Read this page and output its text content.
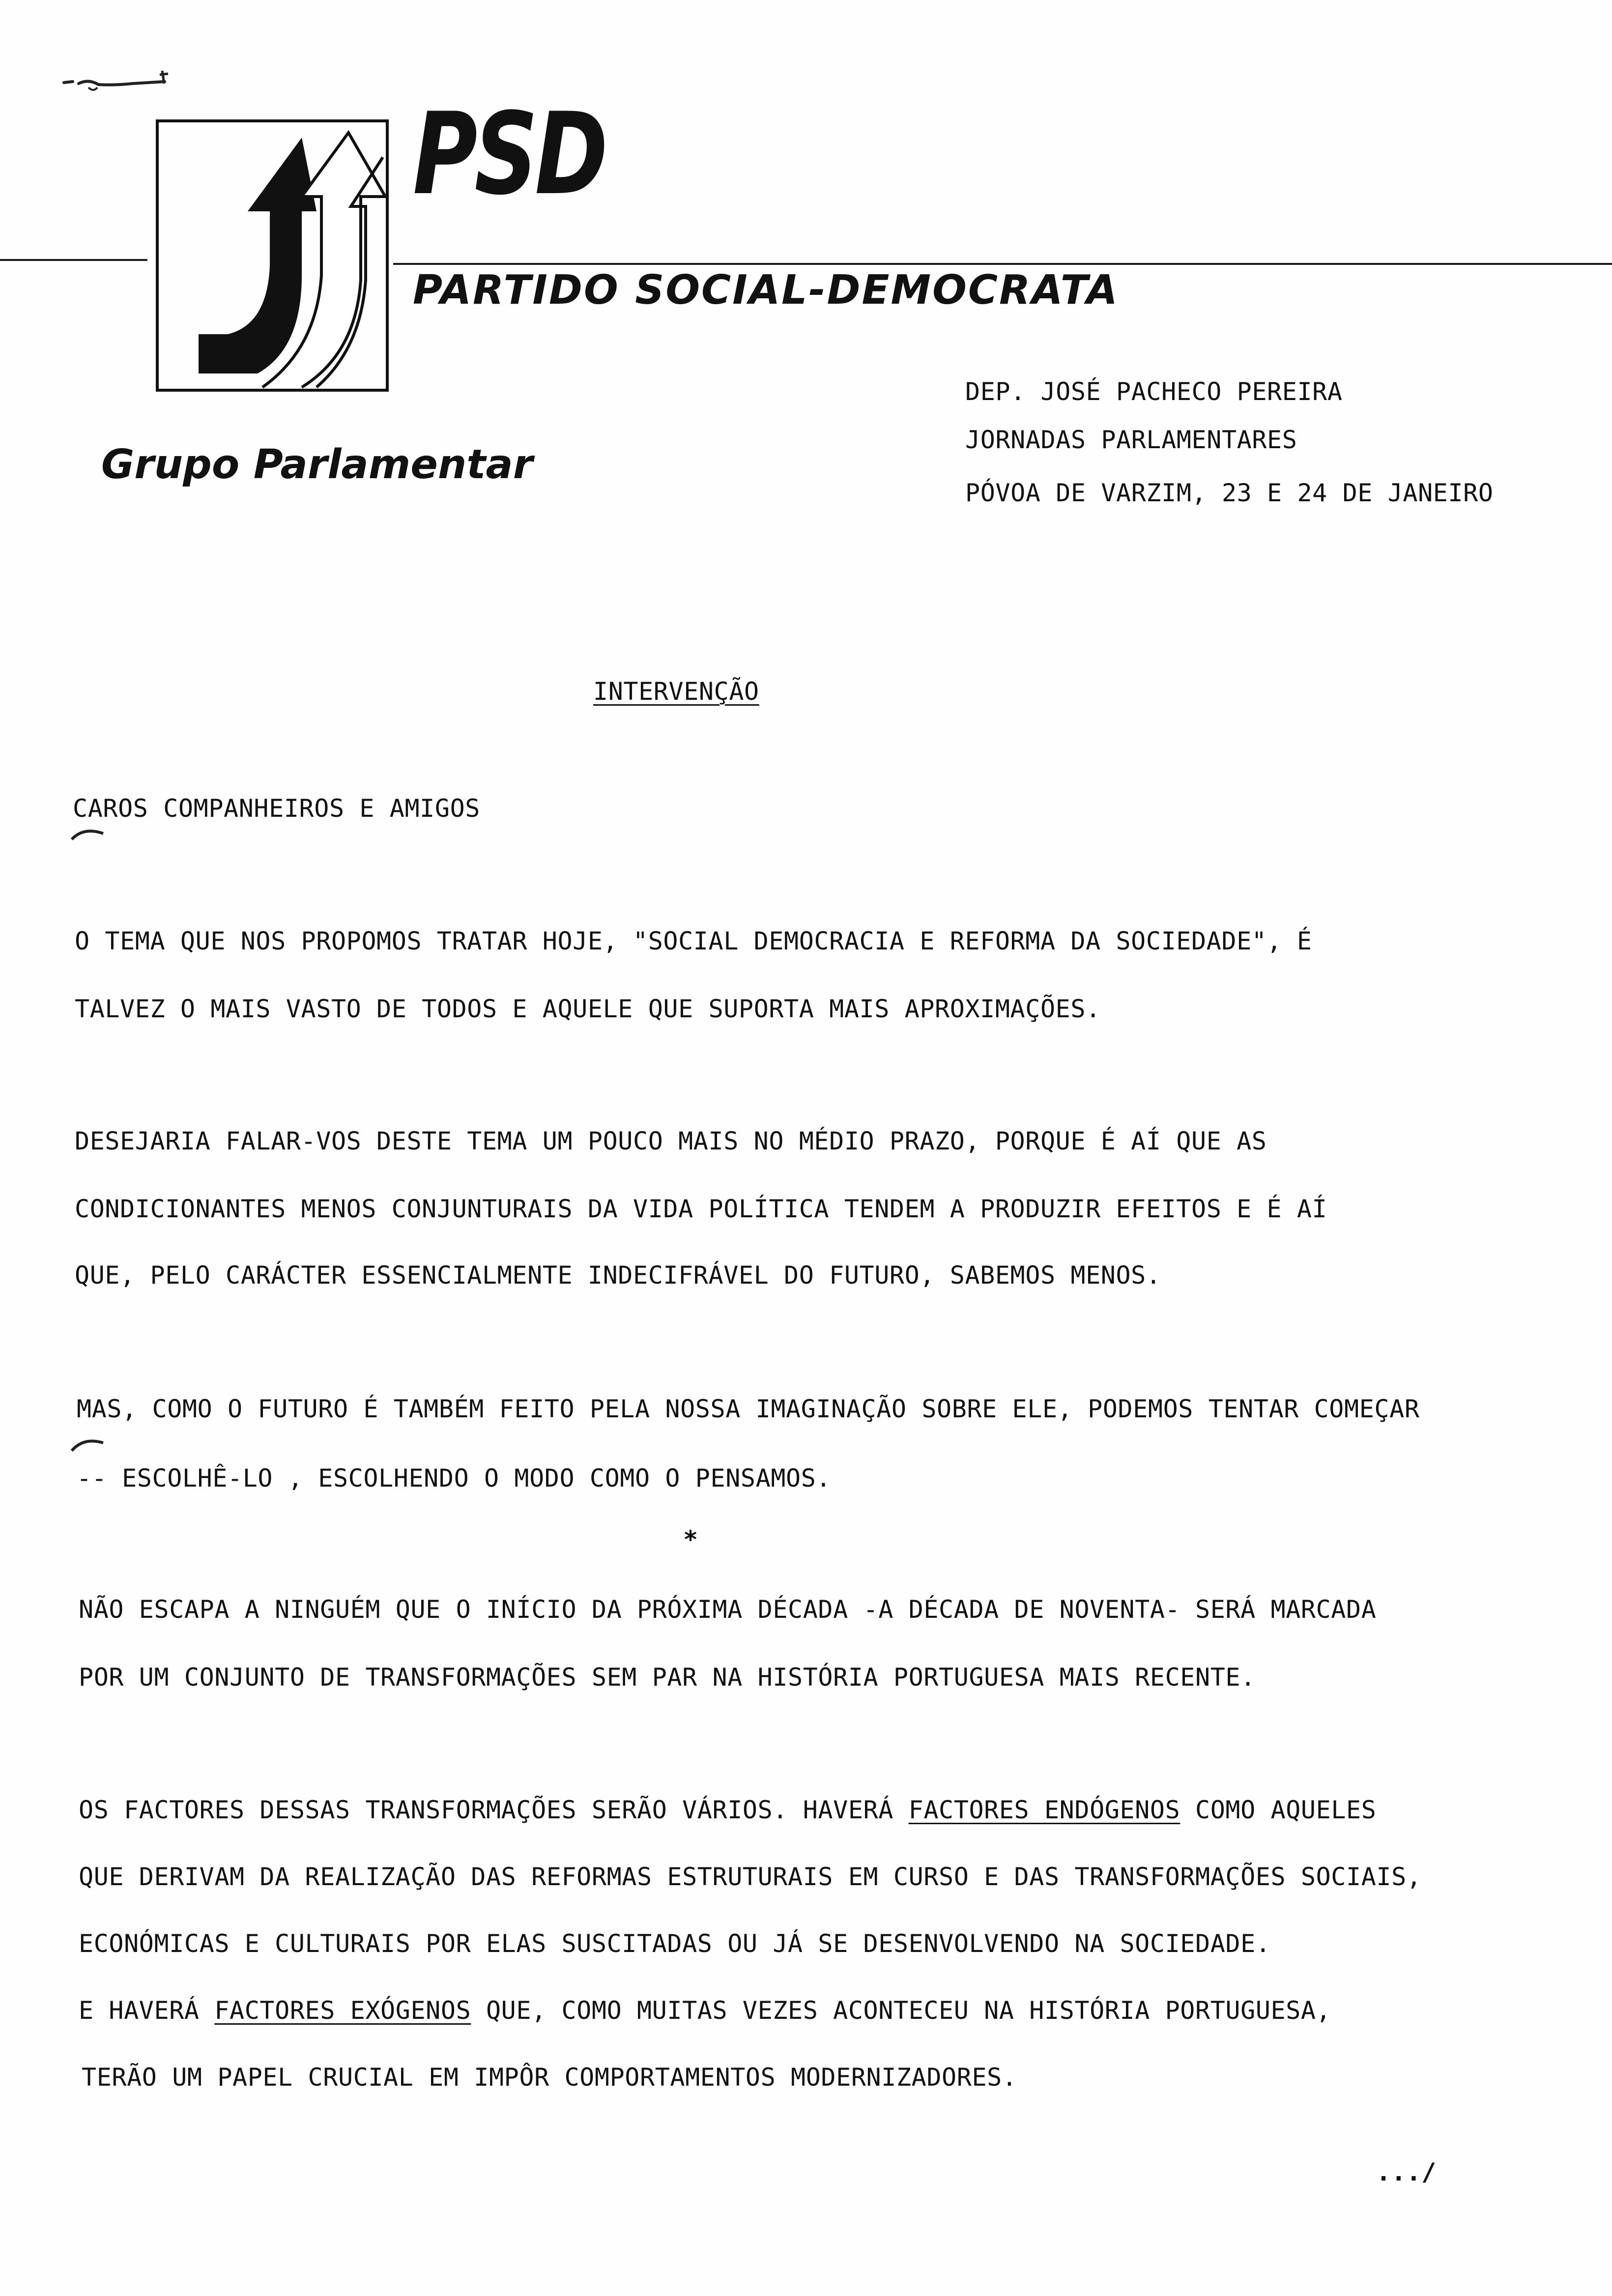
PSD
PARTIDO SOCIAL-DEMOCRATA
Grupo Parlamentar
DEP. JOSÉ PACHECO PEREIRA
JORNADAS PARLAMENTARES
PÓVOA DE VARZIM, 23 E 24 DE JANEIRO
INTERVENÇÃO
CAROS COMPANHEIROS E AMIGOS
O TEMA QUE NOS PROPOMOS TRATAR HOJE, "SOCIAL DEMOCRACIA E REFORMA DA SOCIEDADE", É
TALVEZ O MAIS VASTO DE TODOS E AQUELE QUE SUPORTA MAIS APROXIMAÇÕES.
DESEJARIA FALAR-VOS DESTE TEMA UM POUCO MAIS NO MÉDIO PRAZO, PORQUE É AÍ QUE AS
CONDICIONANTES MENOS CONJUNTURAIS DA VIDA POLÍTICA TENDEM A PRODUZIR EFEITOS E É AÍ
QUE, PELO CARÁCTER ESSENCIALMENTE INDECIFRÁVEL DO FUTURO, SABEMOS MENOS.
MAS, COMO O FUTURO É TAMBÉM FEITO PELA NOSSA IMAGINAÇÃO SOBRE ELE, PODEMOS TENTAR COMEÇAR
-- ESCOLHÊ-LO , ESCOLHENDO O MODO COMO O PENSAMOS.
*
NÃO ESCAPA A NINGUÉM QUE O INÍCIO DA PRÓXIMA DÉCADA -A DÉCADA DE NOVENTA- SERÁ MARCADA
POR UM CONJUNTO DE TRANSFORMAÇÕES SEM PAR NA HISTÓRIA PORTUGUESA MAIS RECENTE.
OS FACTORES DESSAS TRANSFORMAÇÕES SERÃO VÁRIOS. HAVERÁ FACTORES ENDÓGENOS COMO AQUELES
QUE DERIVAM DA REALIZAÇÃO DAS REFORMAS ESTRUTURAIS EM CURSO E DAS TRANSFORMAÇÕES SOCIAIS,
ECONÓMICAS E CULTURAIS POR ELAS SUSCITADAS OU JÁ SE DESENVOLVENDO NA SOCIEDADE.
E HAVERÁ FACTORES EXÓGENOS QUE, COMO MUITAS VEZES ACONTECEU NA HISTÓRIA PORTUGUESA,
TERÃO UM PAPEL CRUCIAL EM IMPÔR COMPORTAMENTOS MODERNIZADORES.
.../
